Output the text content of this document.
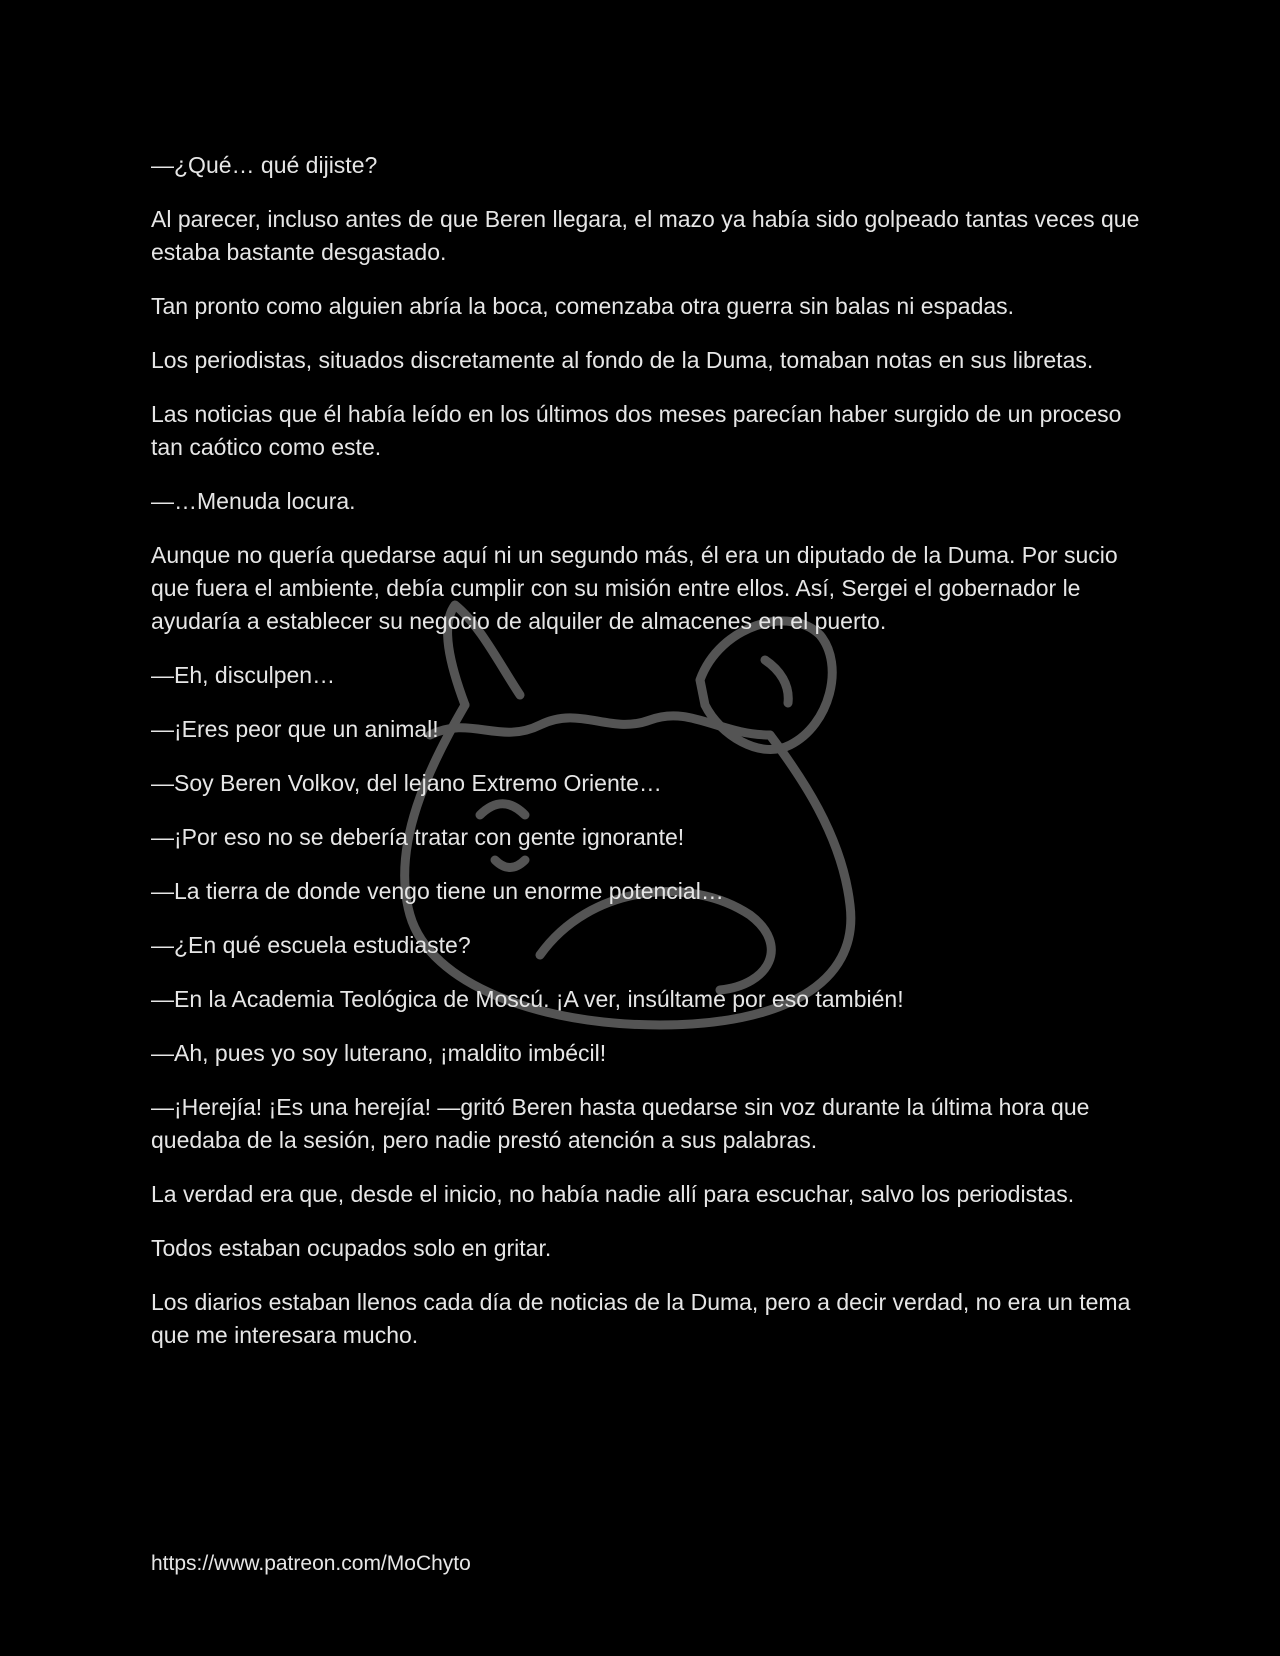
—¿Qué… qué dijiste?

Al parecer, incluso antes de que Beren llegara, el mazo ya había sido golpeado tantas veces que estaba bastante desgastado.

Tan pronto como alguien abría la boca, comenzaba otra guerra sin balas ni espadas.

Los periodistas, situados discretamente al fondo de la Duma, tomaban notas en sus libretas.

Las noticias que él había leído en los últimos dos meses parecían haber surgido de un proceso tan caótico como este.

—…Menuda locura.

Aunque no quería quedarse aquí ni un segundo más, él era un diputado de la Duma. Por sucio que fuera el ambiente, debía cumplir con su misión entre ellos. Así, Sergei el gobernador le ayudaría a establecer su negocio de alquiler de almacenes en el puerto.

—Eh, disculpen…

—¡Eres peor que un animal!

—Soy Beren Volkov, del lejano Extremo Oriente…

—¡Por eso no se debería tratar con gente ignorante!

—La tierra de donde vengo tiene un enorme potencial…

—¿En qué escuela estudiaste?

—En la Academia Teológica de Moscú. ¡A ver, insúltame por eso también!

—Ah, pues yo soy luterano, ¡maldito imbécil!

—¡Herejía! ¡Es una herejía! —gritó Beren hasta quedarse sin voz durante la última hora que quedaba de la sesión, pero nadie prestó atención a sus palabras.

La verdad era que, desde el inicio, no había nadie allí para escuchar, salvo los periodistas.

Todos estaban ocupados solo en gritar.

Los diarios estaban llenos cada día de noticias de la Duma, pero a decir verdad, no era un tema que me interesara mucho.

https://www.patreon.com/MoChyto
